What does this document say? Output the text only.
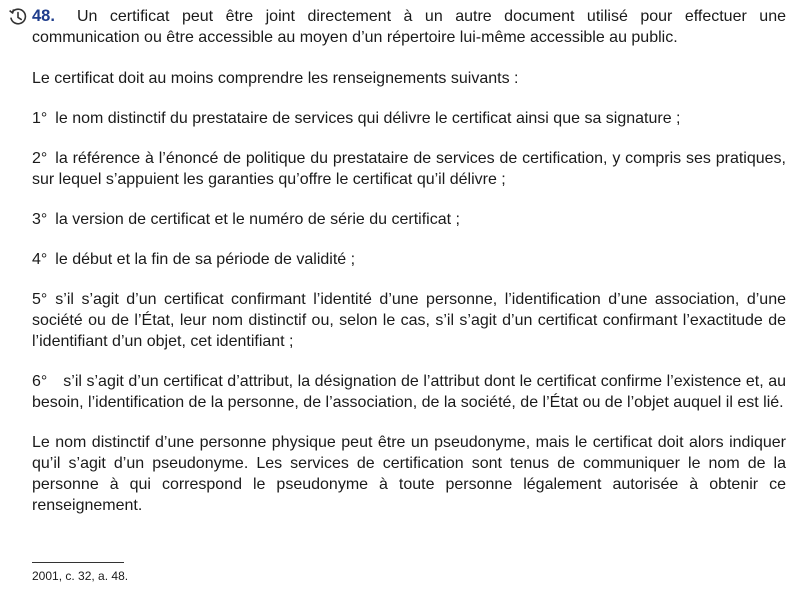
48. Un certificat peut être joint directement à un autre document utilisé pour effectuer une communication ou être accessible au moyen d’un répertoire lui-même accessible au public.

Le certificat doit au moins comprendre les renseignements suivants :

1° le nom distinctif du prestataire de services qui délivre le certificat ainsi que sa signature ;

2° la référence à l’énoncé de politique du prestataire de services de certification, y compris ses pratiques, sur lequel s’appuient les garanties qu’offre le certificat qu’il délivre ;

3° la version de certificat et le numéro de série du certificat ;

4° le début et la fin de sa période de validité ;

5° s’il s’agit d’un certificat confirmant l’identité d’une personne, l’identification d’une association, d’une société ou de l’État, leur nom distinctif ou, selon le cas, s’il s’agit d’un certificat confirmant l’exactitude de l’identifiant d’un objet, cet identifiant ;

6° s’il s’agit d’un certificat d’attribut, la désignation de l’attribut dont le certificat confirme l’existence et, au besoin, l’identification de la personne, de l’association, de la société, de l’État ou de l’objet auquel il est lié.

Le nom distinctif d’une personne physique peut être un pseudonyme, mais le certificat doit alors indiquer qu’il s’agit d’un pseudonyme. Les services de certification sont tenus de communiquer le nom de la personne à qui correspond le pseudonyme à toute personne légalement autorisée à obtenir ce renseignement.

2001, c. 32, a. 48.
